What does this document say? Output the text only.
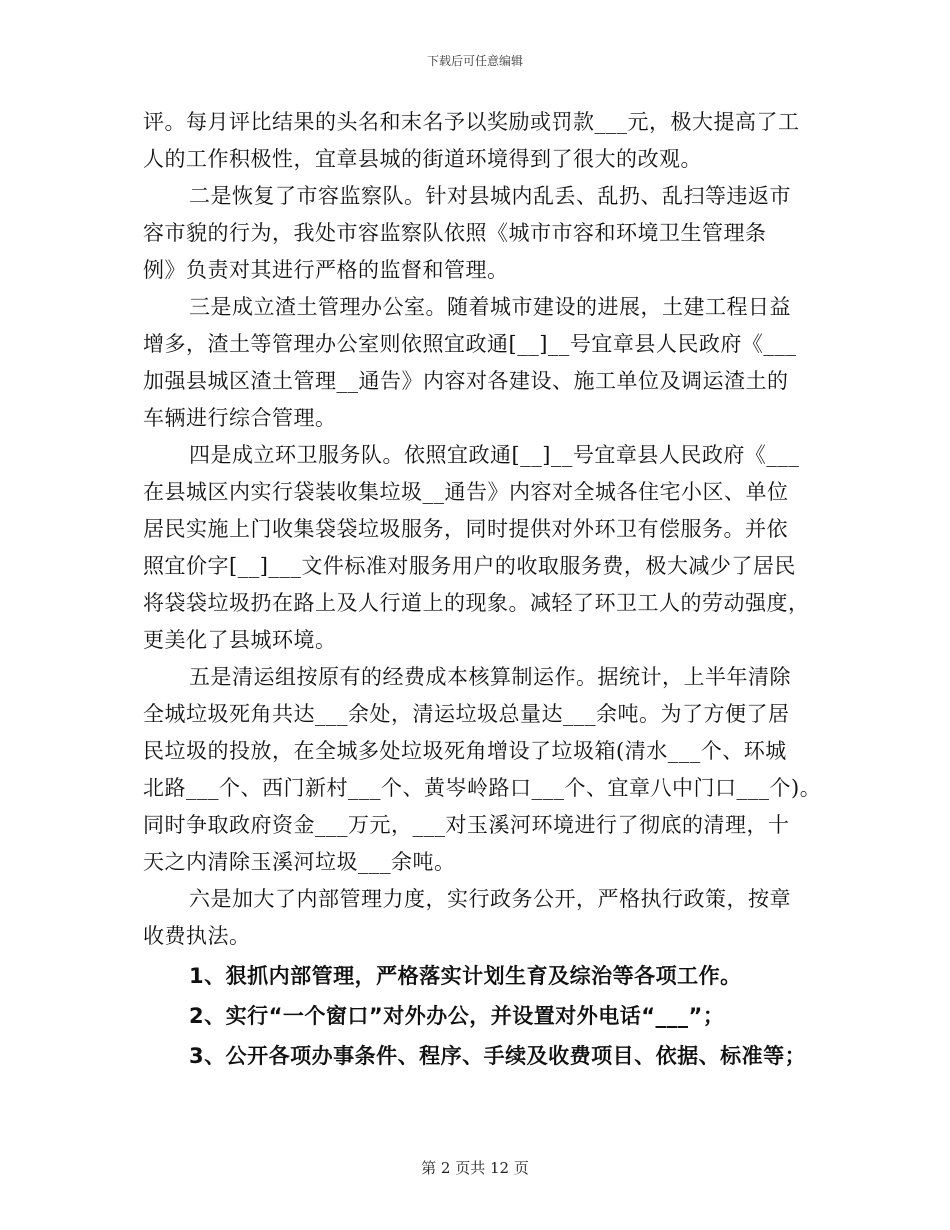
下载后可任意编辑
评。每月评比结果的头名和末名予以奖励或罚款___元，极大提高了工
人的工作积极性，宜章县城的街道环境得到了很大的改观。
二是恢复了市容监察队。针对县城内乱丢、乱扔、乱扫等违返市
容市貌的行为，我处市容监察队依照《城市市容和环境卫生管理条
例》负责对其进行严格的监督和管理。
三是成立渣土管理办公室。随着城市建设的进展，土建工程日益
增多，渣土等管理办公室则依照宜政通[__]__号宜章县人民政府《___
加强县城区渣土管理__通告》内容对各建设、施工单位及调运渣土的
车辆进行综合管理。
四是成立环卫服务队。依照宜政通[__]__号宜章县人民政府《___
在县城区内实行袋装收集垃圾__通告》内容对全城各住宅小区、单位
居民实施上门收集袋袋垃圾服务，同时提供对外环卫有偿服务。并依
照宜价字[__]___文件标准对服务用户的收取服务费，极大减少了居民
将袋袋垃圾扔在路上及人行道上的现象。减轻了环卫工人的劳动强度，
更美化了县城环境。
五是清运组按原有的经费成本核算制运作。据统计，上半年清除
全城垃圾死角共达___余处，清运垃圾总量达___余吨。为了方便了居
民垃圾的投放，在全城多处垃圾死角增设了垃圾箱(清水___个、环城
北路___个、西门新村___个、黄岑岭路口___个、宜章八中门口___个)。
同时争取政府资金___万元，___对玉溪河环境进行了彻底的清理，十
天之内清除玉溪河垃圾___余吨。
六是加大了内部管理力度，实行政务公开，严格执行政策，按章
收费执法。
1、狠抓内部管理，严格落实计划生育及综治等各项工作。
2、实行“一个窗口”对外办公，并设置对外电话“___”；
3、公开各项办事条件、程序、手续及收费项目、依据、标准等；
第 2 页共 12 页
